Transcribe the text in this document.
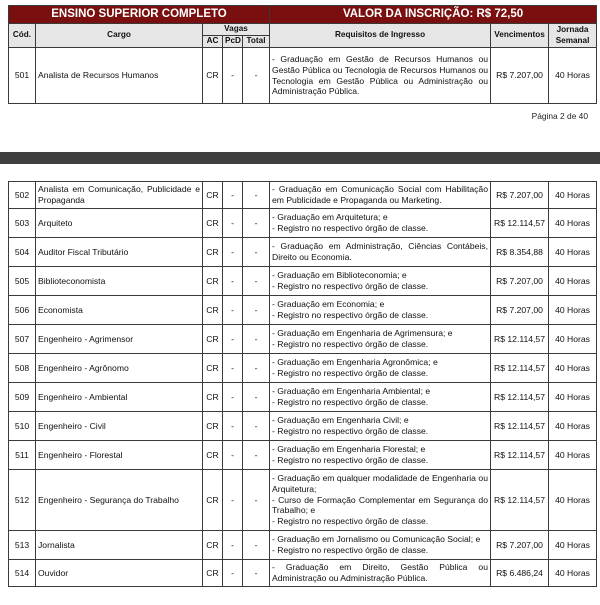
ENSINO SUPERIOR COMPLETO					VALOR DA INSCRIÇÃO: R$ 72,50		
Cód.	Cargo	Vagas			Requisitos de Ingresso	Vencimentos	Jornada Semanal
		AC	PcD	Total			
501	Analista de Recursos Humanos	CR	-	-	- Graduação em Gestão de Recursos Humanos ou Gestão Pública ou Tecnologia de Recursos Humanos ou Tecnologia em Gestão Pública ou Administração ou Administração Pública.	R$ 7.207,00	40 Horas
Página 2 de 40
502	Analista em Comunicação, Publicidade e Propaganda	CR	-	-	- Graduação em Comunicação Social com Habilitação em Publicidade e Propaganda ou Marketing.	R$ 7.207,00	40 Horas
503	Arquiteto	CR	-	-	- Graduação em Arquitetura; e
- Registro no respectivo órgão de classe.	R$ 12.114,57	40 Horas
504	Auditor Fiscal Tributário	CR	-	-	- Graduação em Administração, Ciências Contábeis, Direito ou Economia.	R$ 8.354,88	40 Horas
505	Biblioteconomista	CR	-	-	- Graduação em Biblioteconomia; e
- Registro no respectivo órgão de classe.	R$ 7.207,00	40 Horas
506	Economista	CR	-	-	- Graduação em Economia; e
- Registro no respectivo órgão de classe.	R$ 7.207,00	40 Horas
507	Engenheiro - Agrimensor	CR	-	-	- Graduação em Engenharia de Agrimensura; e
- Registro no respectivo órgão de classe.	R$ 12.114,57	40 Horas
508	Engenheiro - Agrônomo	CR	-	-	- Graduação em Engenharia Agronômica; e
- Registro no respectivo órgão de classe.	R$ 12.114,57	40 Horas
509	Engenheiro - Ambiental	CR	-	-	- Graduação em Engenharia Ambiental; e
- Registro no respectivo órgão de classe.	R$ 12.114,57	40 Horas
510	Engenheiro - Civil	CR	-	-	- Graduação em Engenharia Civil; e
- Registro no respectivo órgão de classe.	R$ 12.114,57	40 Horas
511	Engenheiro - Florestal	CR	-	-	- Graduação em Engenharia Florestal; e
- Registro no respectivo órgão de classe.	R$ 12.114,57	40 Horas
512	Engenheiro - Segurança do Trabalho	CR	-	-	- Graduação em qualquer modalidade de Engenharia ou Arquitetura;
- Curso de Formação Complementar em Segurança do Trabalho; e
- Registro no respectivo órgão de classe.	R$ 12.114,57	40 Horas
513	Jornalista	CR	-	-	- Graduação em Jornalismo ou Comunicação Social; e
- Registro no respectivo órgão de classe.	R$ 7.207,00	40 Horas
514	Ouvidor	CR	-	-	- Graduação em Direito, Gestão Pública ou Administração ou Administração Pública.	R$ 6.486,24	40 Horas
